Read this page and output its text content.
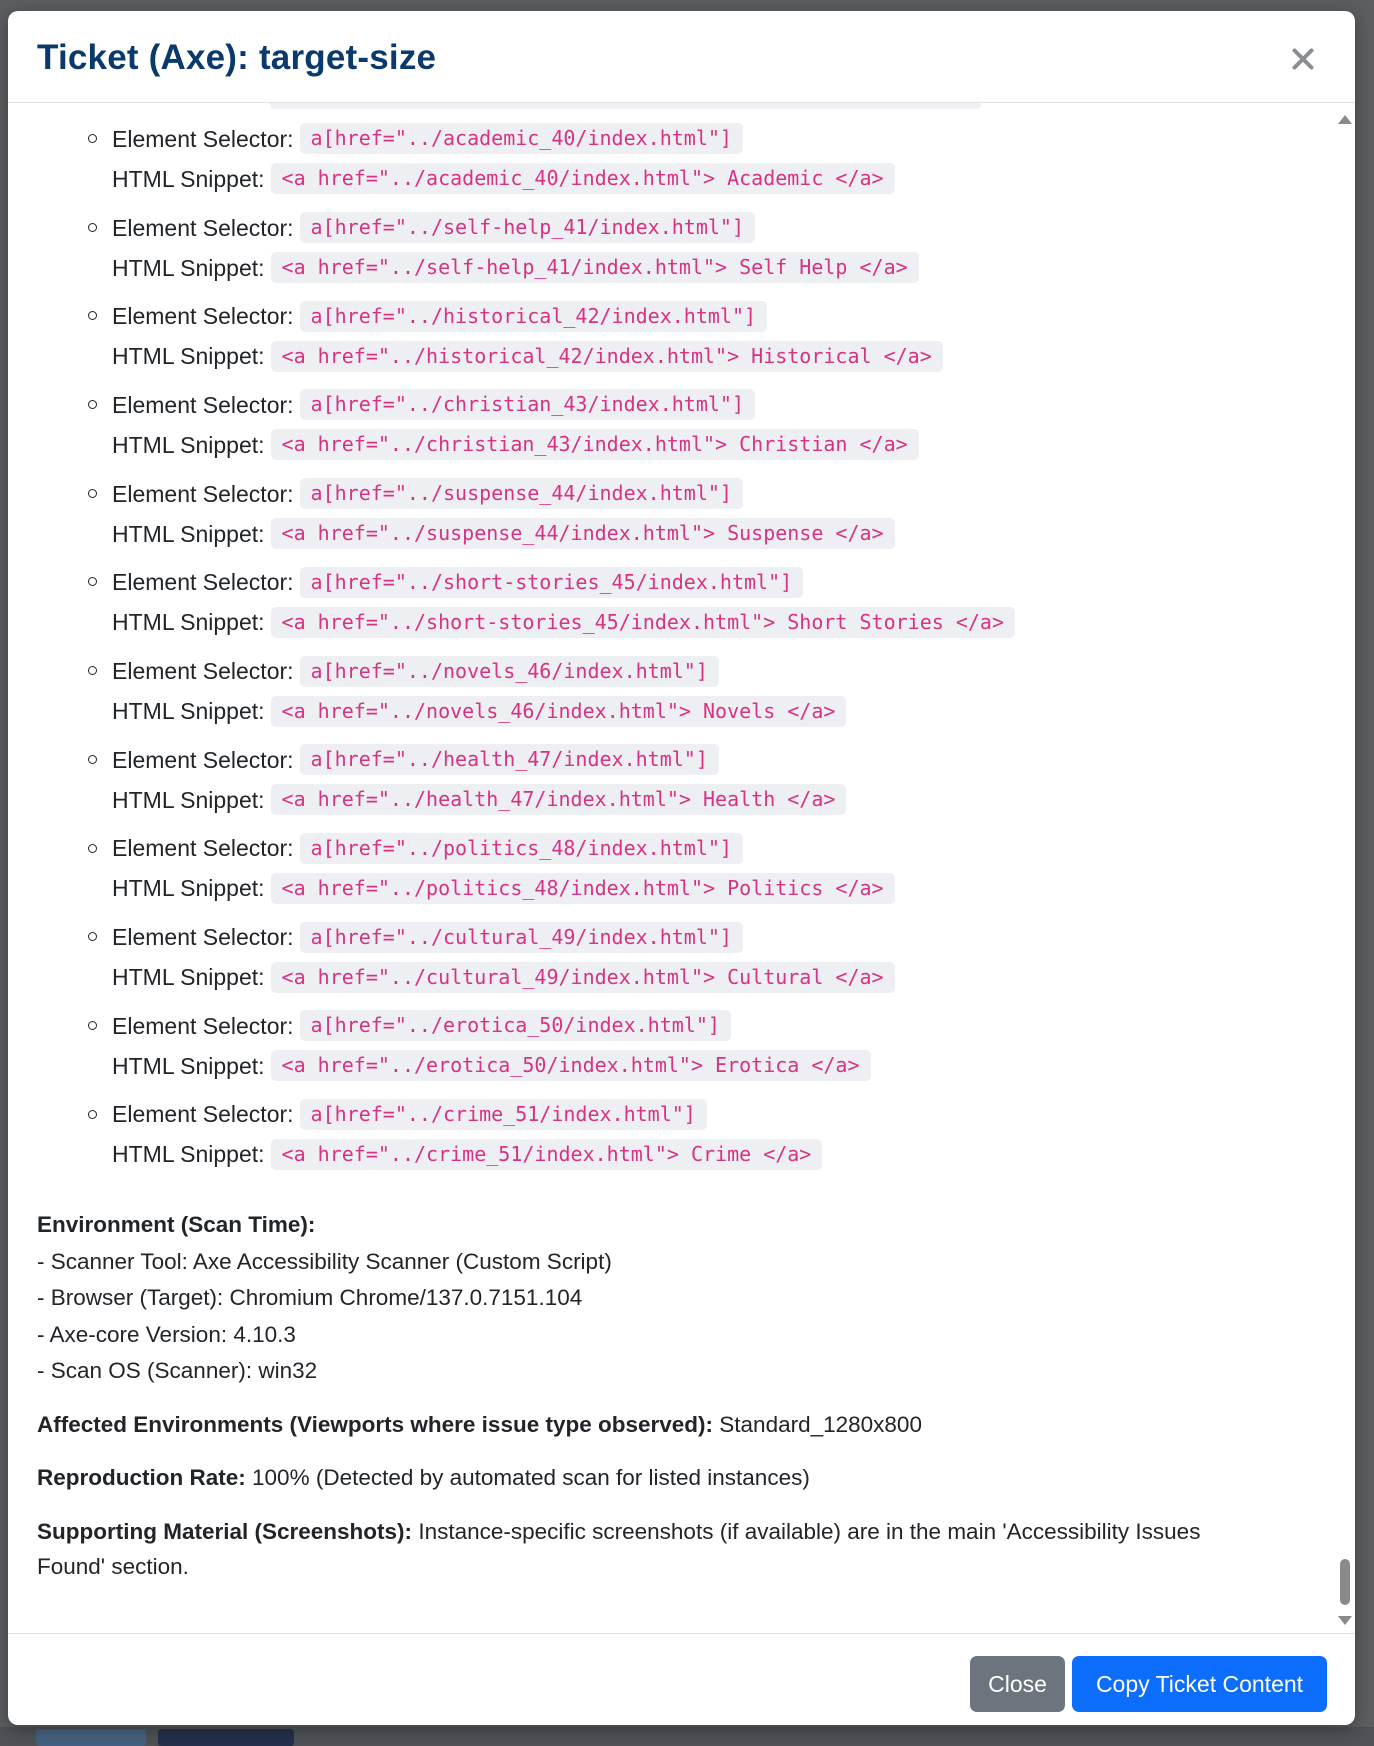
Ticket (Axe): target-size
Element Selector: a[href="../academic_40/index.html"]
HTML Snippet: <a href="../academic_40/index.html"> Academic </a>
Element Selector: a[href="../self-help_41/index.html"]
HTML Snippet: <a href="../self-help_41/index.html"> Self Help </a>
Element Selector: a[href="../historical_42/index.html"]
HTML Snippet: <a href="../historical_42/index.html"> Historical </a>
Element Selector: a[href="../christian_43/index.html"]
HTML Snippet: <a href="../christian_43/index.html"> Christian </a>
Element Selector: a[href="../suspense_44/index.html"]
HTML Snippet: <a href="../suspense_44/index.html"> Suspense </a>
Element Selector: a[href="../short-stories_45/index.html"]
HTML Snippet: <a href="../short-stories_45/index.html"> Short Stories </a>
Element Selector: a[href="../novels_46/index.html"]
HTML Snippet: <a href="../novels_46/index.html"> Novels </a>
Element Selector: a[href="../health_47/index.html"]
HTML Snippet: <a href="../health_47/index.html"> Health </a>
Element Selector: a[href="../politics_48/index.html"]
HTML Snippet: <a href="../politics_48/index.html"> Politics </a>
Element Selector: a[href="../cultural_49/index.html"]
HTML Snippet: <a href="../cultural_49/index.html"> Cultural </a>
Element Selector: a[href="../erotica_50/index.html"]
HTML Snippet: <a href="../erotica_50/index.html"> Erotica </a>
Element Selector: a[href="../crime_51/index.html"]
HTML Snippet: <a href="../crime_51/index.html"> Crime </a>

Environment (Scan Time):

- Scanner Tool: Axe Accessibility Scanner (Custom Script)

- Browser (Target): Chromium Chrome/137.0.7151.104

- Axe-core Version: 4.10.3

- Scan OS (Scanner): win32

Affected Environments (Viewports where issue type observed): Standard_1280x800

Reproduction Rate: 100% (Detected by automated scan for listed instances)

Supporting Material (Screenshots): Instance-specific screenshots (if available) are in the main 'Accessibility Issues Found' section.

Close	Copy Ticket Content
